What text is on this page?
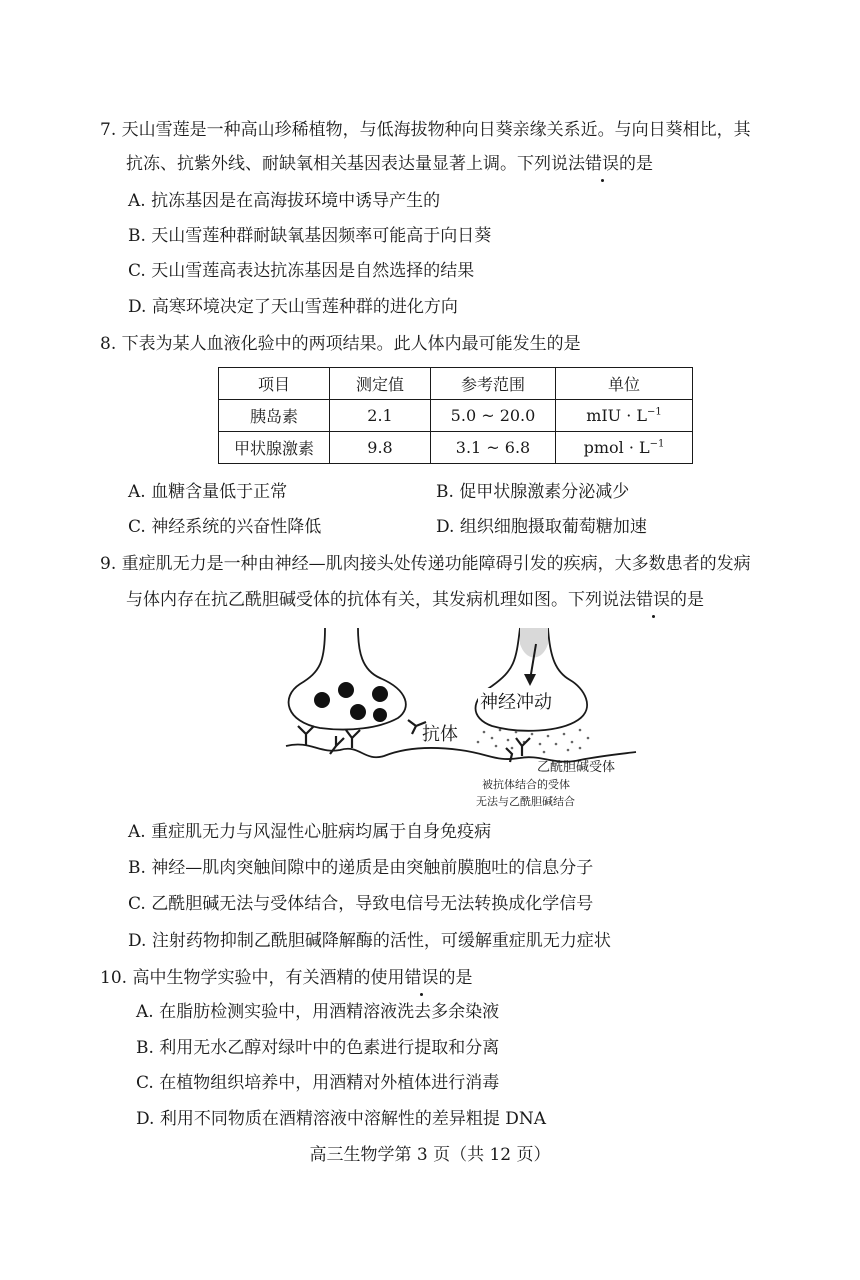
7. 天山雪莲是一种高山珍稀植物，与低海拔物种向日葵亲缘关系近。与向日葵相比，其
抗冻、抗紫外线、耐缺氧相关基因表达量显著上调。下列说法错误的是
A. 抗冻基因是在高海拔环境中诱导产生的
B. 天山雪莲种群耐缺氧基因频率可能高于向日葵
C. 天山雪莲高表达抗冻基因是自然选择的结果
D. 高寒环境决定了天山雪莲种群的进化方向
8. 下表为某人血液化验中的两项结果。此人体内最可能发生的是
项目	测定值	参考范围	单位
胰岛素	2.1	5.0 ~ 20.0	mIU · $L^{-1}$
甲状腺激素	9.8	3.1 ~ 6.8	pmol · $L^{-1}$
A. 血糖含量低于正常	B. 促甲状腺激素分泌减少
C. 神经系统的兴奋性降低	D. 组织细胞摄取葡萄糖加速
9. 重症肌无力是一种由神经—肌肉接头处传递功能障碍引发的疾病，大多数患者的发病
与体内存在抗乙酰胆碱受体的抗体有关，其发病机理如图。下列说法错误的是
神经冲动
抗体
乙酰胆碱受体
被抗体结合的受体
无法与乙酰胆碱结合
A. 重症肌无力与风湿性心脏病均属于自身免疫病
B. 神经—肌肉突触间隙中的递质是由突触前膜胞吐的信息分子
C. 乙酰胆碱无法与受体结合，导致电信号无法转换成化学信号
D. 注射药物抑制乙酰胆碱降解酶的活性，可缓解重症肌无力症状
10. 高中生物学实验中，有关酒精的使用错误的是
A. 在脂肪检测实验中，用酒精溶液洗去多余染液
B. 利用无水乙醇对绿叶中的色素进行提取和分离
C. 在植物组织培养中，用酒精对外植体进行消毒
D. 利用不同物质在酒精溶液中溶解性的差异粗提 DNA
高三生物学第 3 页（共 12 页）
